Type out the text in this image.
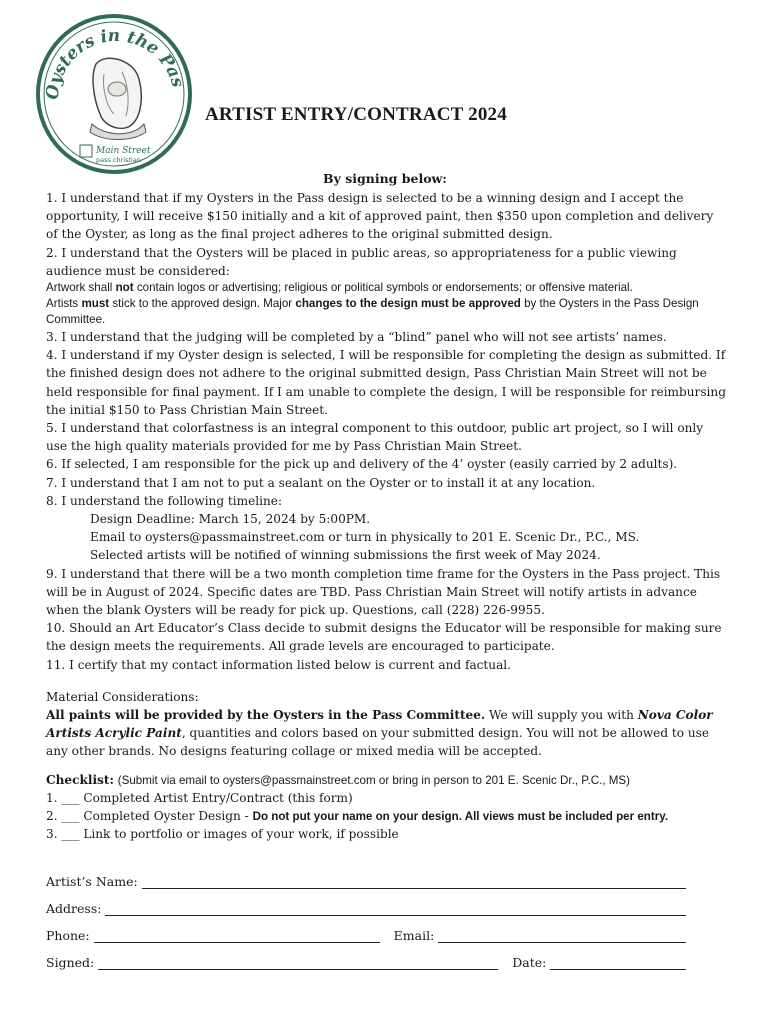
Oysters in the Pas
Main Street
pass christian
ARTIST ENTRY/CONTRACT 2024
By signing below:

1. I understand that if my Oysters in the Pass design is selected to be a winning design and I accept the opportunity, I will receive $150 initially and a kit of approved paint, then $350 upon completion and delivery of the Oyster, as long as the final project adheres to the original submitted design.

2. I understand that the Oysters will be placed in public areas, so appropriateness for a public viewing audience must be considered:

Artwork shall not contain logos or advertising; religious or political symbols or endorsements; or offensive material.

Artists must stick to the approved design. Major changes to the design must be approved by the Oysters in the Pass Design Committee.

3. I understand that the judging will be completed by a “blind” panel who will not see artists’ names.

4. I understand if my Oyster design is selected, I will be responsible for completing the design as submitted. If the finished design does not adhere to the original submitted design, Pass Christian Main Street will not be held responsible for final payment. If I am unable to complete the design, I will be responsible for reimbursing the initial $150 to Pass Christian Main Street.

5. I understand that colorfastness is an integral component to this outdoor, public art project, so I will only use the high quality materials provided for me by Pass Christian Main Street.

6. If selected, I am responsible for the pick up and delivery of the 4’ oyster (easily carried by 2 adults).

7. I understand that I am not to put a sealant on the Oyster or to install it at any location.

8. I understand the following timeline:

Design Deadline: March 15, 2024 by 5:00PM.

Email to oysters@passmainstreet.com or turn in physically to 201 E. Scenic Dr., P.C., MS.

Selected artists will be notified of winning submissions the first week of May 2024.

9. I understand that there will be a two month completion time frame for the Oysters in the Pass project. This will be in August of 2024. Specific dates are TBD. Pass Christian Main Street will notify artists in advance when the blank Oysters will be ready for pick up. Questions, call (228) 226-9955.

10. Should an Art Educator’s Class decide to submit designs the Educator will be responsible for making sure the design meets the requirements. All grade levels are encouraged to participate.

11. I certify that my contact information listed below is current and factual.

Material Considerations:

All paints will be provided by the Oysters in the Pass Committee. We will supply you with Nova Color Artists Acrylic Paint, quantities and colors based on your submitted design. You will not be allowed to use any other brands. No designs featuring collage or mixed media will be accepted.

Checklist: (Submit via email to oysters@passmainstreet.com or bring in person to 201 E. Scenic Dr., P.C., MS)

1. ___ Completed Artist Entry/Contract (this form)

2. ___ Completed Oyster Design - Do not put your name on your design. All views must be included per entry.

3. ___ Link to portfolio or images of your work, if possible

Artist’s Name:
Address:
Phone:	Email:
Signed:	Date:
